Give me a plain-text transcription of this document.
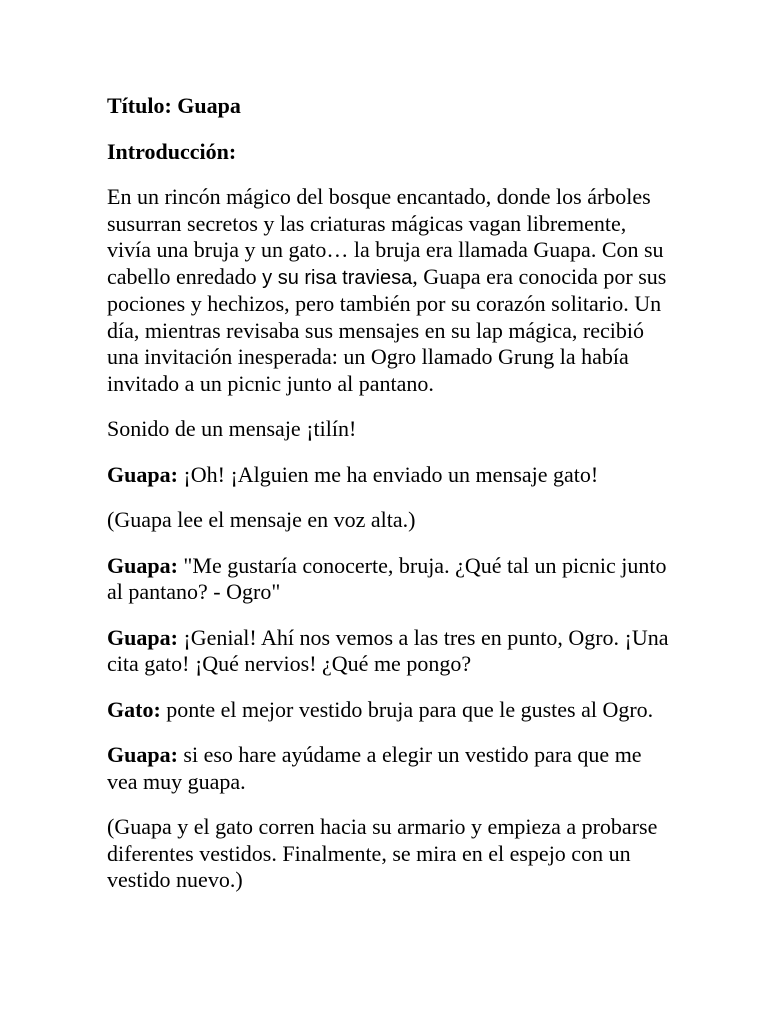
Título: Guapa

Introducción:

En un rincón mágico del bosque encantado, donde los árboles susurran secretos y las criaturas mágicas vagan libremente, vivía una bruja y un gato… la bruja era llamada Guapa. Con su cabello enredado y su risa traviesa, Guapa era conocida por sus pociones y hechizos, pero también por su corazón solitario. Un día, mientras revisaba sus mensajes en su lap mágica, recibió una invitación inesperada: un Ogro llamado Grung la había invitado a un picnic junto al pantano.

Sonido de un mensaje ¡tilín!

Guapa: ¡Oh! ¡Alguien me ha enviado un mensaje gato!

(Guapa lee el mensaje en voz alta.)

Guapa: "Me gustaría conocerte, bruja. ¿Qué tal un picnic junto al pantano? - Ogro"

Guapa: ¡Genial! Ahí nos vemos a las tres en punto, Ogro. ¡Una cita gato! ¡Qué nervios! ¿Qué me pongo?

Gato: ponte el mejor vestido bruja para que le gustes al Ogro.

Guapa: si eso hare ayúdame a elegir un vestido para que me vea muy guapa.

(Guapa y el gato corren hacia su armario y empieza a probarse diferentes vestidos. Finalmente, se mira en el espejo con un vestido nuevo.)
